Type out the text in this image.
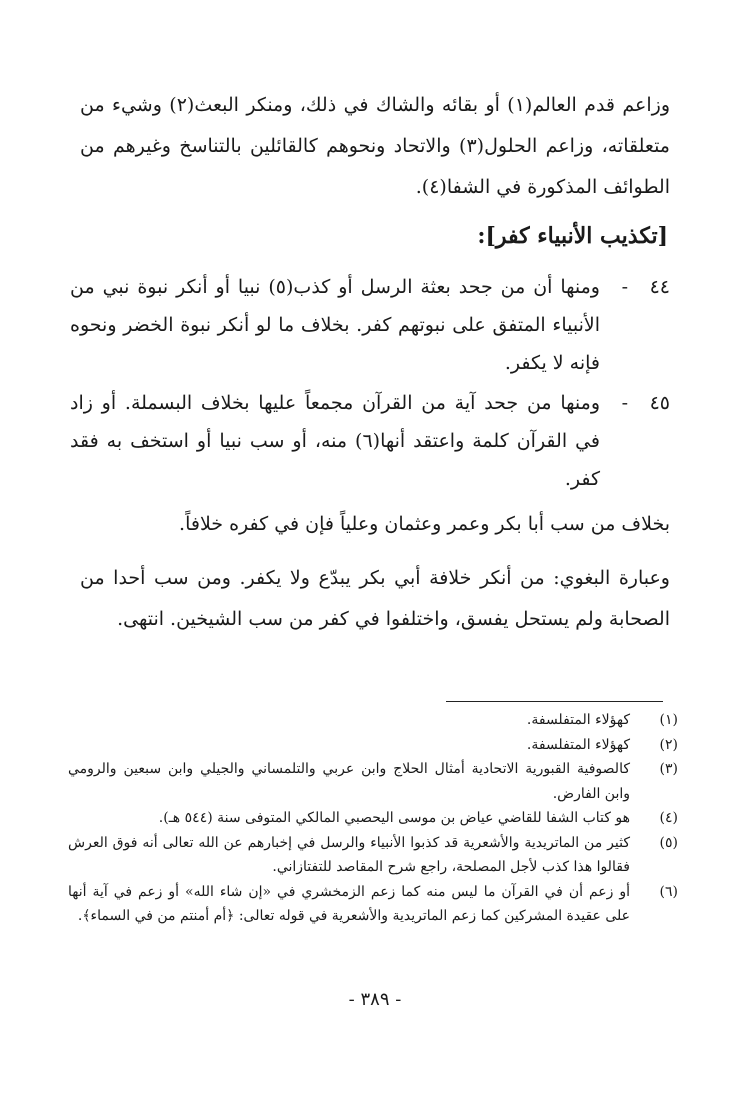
وزاعم قدم العالم(١) أو بقائه والشاك في ذلك، ومنكر البعث(٢) وشيء من متعلقاته، وزاعم الحلول(٣) والاتحاد ونحوهم كالقائلين بالتناسخ وغيرهم من الطوائف المذكورة في الشفا(٤).

[تكذيب الأنبياء كفر]:
٤٤
-
ومنها أن من جحد بعثة الرسل أو كذب(٥) نبيا أو أنكر نبوة نبي من الأنبياء المتفق على نبوتهم كفر. بخلاف ما لو أنكر نبوة الخضر ونحوه فإنه لا يكفر.
٤٥
-
ومنها من جحد آية من القرآن مجمعاً عليها بخلاف البسملة. أو زاد في القرآن كلمة واعتقد أنها(٦) منه، أو سب نبيا أو استخف به فقد كفر.

بخلاف من سب أبا بكر وعمر وعثمان وعلياً فإن في كفره خلافاً.

وعبارة البغوي: من أنكر خلافة أبي بكر يبدّع ولا يكفر. ومن سب أحدا من الصحابة ولم يستحل يفسق، واختلفوا في كفر من سب الشيخين. انتهى.

(١)
كهؤلاء المتفلسفة.
(٢)
كهؤلاء المتفلسفة.
(٣)
كالصوفية القبورية الاتحادية أمثال الحلاج وابن عربي والتلمساني والجيلي وابن سبعين والرومي وابن الفارض.
(٤)
هو كتاب الشفا للقاضي عياض بن موسى اليحصبي المالكي المتوفى سنة (٥٤٤ هـ).
(٥)
كثير من الماتريدية والأشعرية قد كذبوا الأنبياء والرسل في إخبارهم عن الله تعالى أنه فوق العرش فقالوا هذا كذب لأجل المصلحة، راجع شرح المقاصد للتفتازاني.
(٦)
أو زعم أن في القرآن ما ليس منه كما زعم الزمخشري في «إن شاء الله» أو زعم في آية أنها على عقيدة المشركين كما زعم الماتريدية والأشعرية في قوله تعالى: ﴿أم أمنتم من في السماء﴾.
- ٣٨٩ -
